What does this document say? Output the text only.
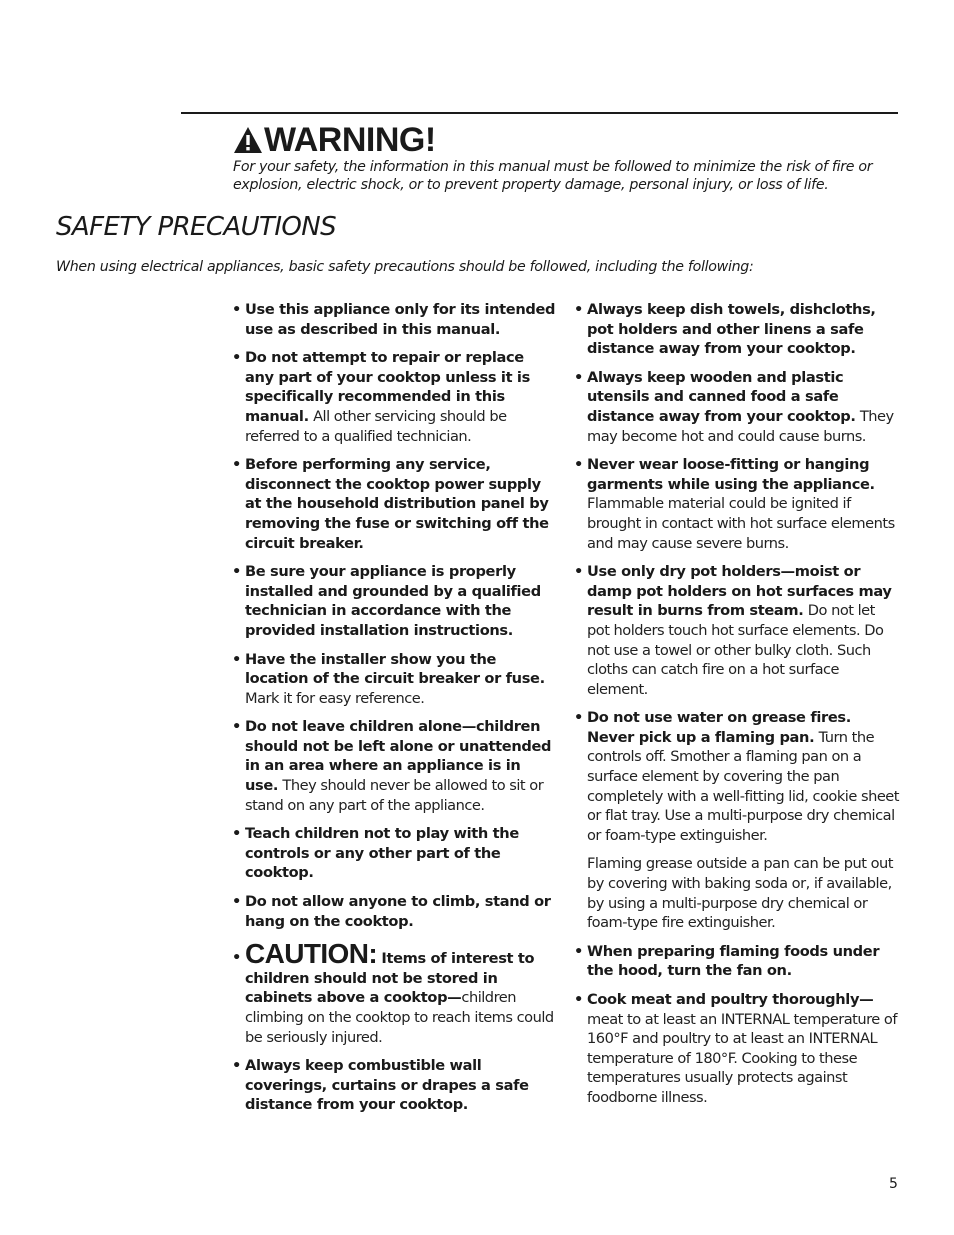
WARNING!
For your safety, the information in this manual must be followed to minimize the risk of fire or explosion, electric shock, or to prevent property damage, personal injury, or loss of life.
SAFETY PRECAUTIONS
When using electrical appliances, basic safety precautions should be followed, including the following:
• Use this appliance only for its intended use as described in this manual.
• Do not attempt to repair or replace any part of your cooktop unless it is specifically recommended in this manual. All other servicing should be referred to a qualified technician.
• Before performing any service, disconnect the cooktop power supply at the household distribution panel by removing the fuse or switching off the circuit breaker.
• Be sure your appliance is properly installed and grounded by a qualified technician in accordance with the provided installation instructions.
• Have the installer show you the location of the circuit breaker or fuse. Mark it for easy reference.
• Do not leave children alone—children should not be left alone or unattended in an area where an appliance is in use. They should never be allowed to sit or stand on any part of the appliance.
• Teach children not to play with the controls or any other part of the cooktop.
• Do not allow anyone to climb, stand or hang on the cooktop.
• CAUTION: Items of interest to children should not be stored in cabinets above a cooktop—children climbing on the cooktop to reach items could be seriously injured.
• Always keep combustible wall coverings, curtains or drapes a safe distance from your cooktop.
• Always keep dish towels, dishcloths, pot holders and other linens a safe distance away from your cooktop.
• Always keep wooden and plastic utensils and canned food a safe distance away from your cooktop. They may become hot and could cause burns.
• Never wear loose-fitting or hanging garments while using the appliance. Flammable material could be ignited if brought in contact with hot surface elements and may cause severe burns.
• Use only dry pot holders—moist or damp pot holders on hot surfaces may result in burns from steam. Do not let pot holders touch hot surface elements. Do not use a towel or other bulky cloth. Such cloths can catch fire on a hot surface element.
• Do not use water on grease fires. Never pick up a flaming pan. Turn the controls off. Smother a flaming pan on a surface element by covering the pan completely with a well-fitting lid, cookie sheet or flat tray. Use a multi-purpose dry chemical or foam-type extinguisher.

Flaming grease outside a pan can be put out by covering with baking soda or, if available, by using a multi-purpose dry chemical or foam-type fire extinguisher.

• When preparing flaming foods under the hood, turn the fan on.
• Cook meat and poultry thoroughly—meat to at least an INTERNAL temperature of 160°F and poultry to at least an INTERNAL temperature of 180°F. Cooking to these temperatures usually protects against foodborne illness.
5
